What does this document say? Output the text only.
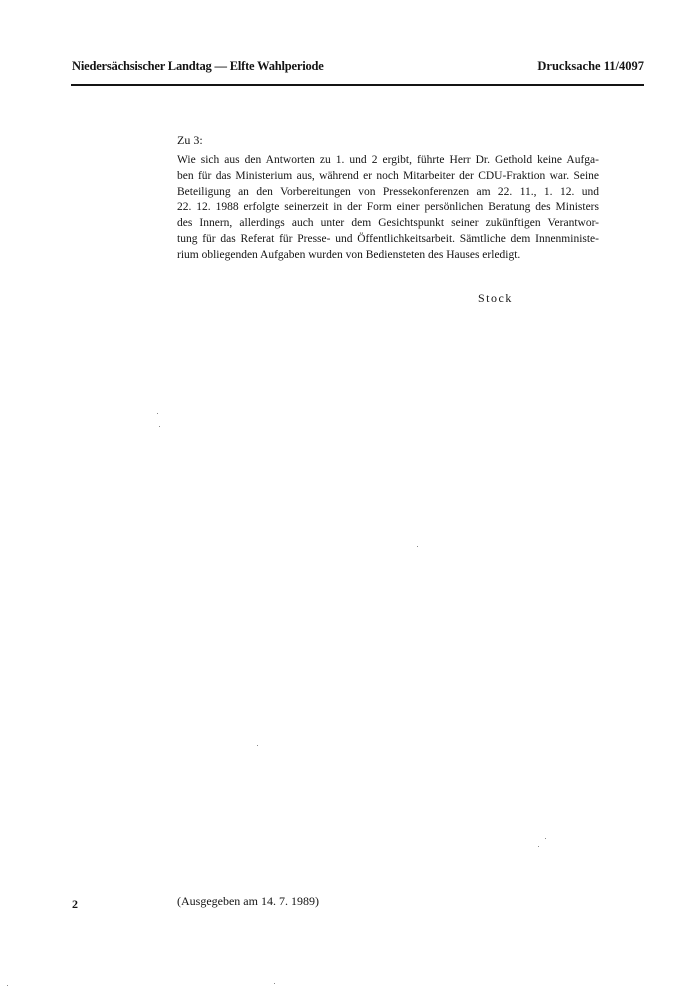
Niedersächsischer Landtag — Elfte Wahlperiode	Drucksache 11/4097
Zu 3:
Wie sich aus den Antworten zu 1. und 2 ergibt, führte Herr Dr. Gethold keine Aufga-
ben für das Ministerium aus, während er noch Mitarbeiter der CDU-Fraktion war. Seine
Beteiligung an den Vorbereitungen von Pressekonferenzen am 22. 11., 1. 12. und
22. 12. 1988 erfolgte seinerzeit in der Form einer persönlichen Beratung des Ministers
des Innern, allerdings auch unter dem Gesichtspunkt seiner zukünftigen Verantwor-
tung für das Referat für Presse- und Öffentlichkeitsarbeit. Sämtliche dem Innenministe-
rium obliegenden Aufgaben wurden von Bediensteten des Hauses erledigt.
Stock
2	(Ausgegeben am 14. 7. 1989)
